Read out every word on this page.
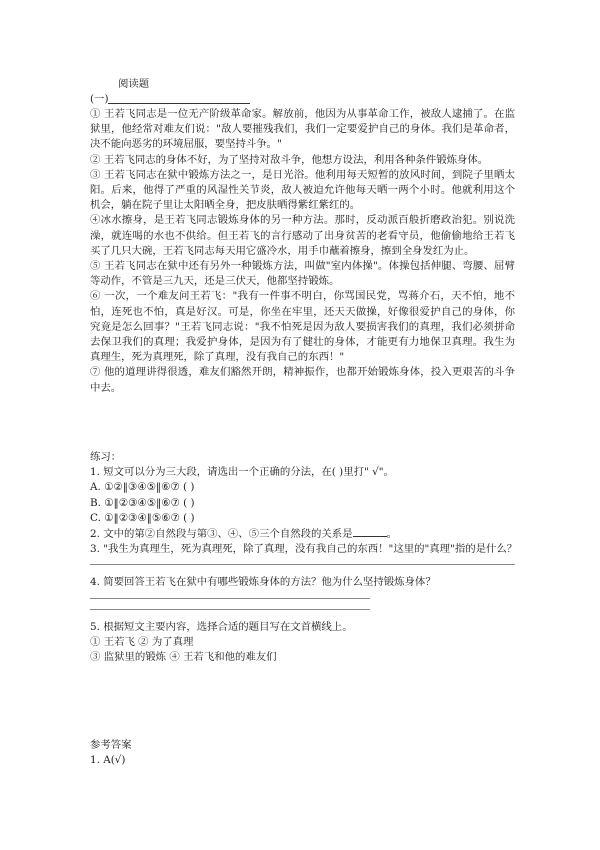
阅读题
(一)

① 王若飞同志是一位无产阶级革命家。解放前，他因为从事革命工作，被敌人逮捕了。在监狱里，他经常对难友们说："敌人要摧残我们，我们一定要爱护自己的身体。我们是革命者，决不能向恶劣的环境屈服，要坚持斗争。"

② 王若飞同志的身体不好，为了坚持对敌斗争，他想方设法，利用各种条件锻炼身体。

③ 王若飞同志在狱中锻炼方法之一，是日光浴。他利用每天短暂的放风时间，到院子里晒太阳。后来，他得了严重的风湿性关节炎，敌人被迫允许他每天晒一两个小时。他就利用这个机会，躺在院子里让太阳晒全身，把皮肤晒得紫红紫红的。

④冰水擦身，是王若飞同志锻炼身体的另一种方法。那时，反动派百般折磨政治犯。别说洗澡，就连喝的水也不供给。但王若飞的言行感动了出身贫苦的老看守员，他偷偷地给王若飞买了几只大碗，王若飞同志每天用它盛冷水，用手巾蘸着擦身，擦到全身发红为止。

⑤ 王若飞同志在狱中还有另外一种锻炼方法，叫做"室内体操"。体操包括伸腿、弯腰、屈臂等动作，不管是三九天，还是三伏天，他都坚持锻炼。

⑥ 一次，一个难友问王若飞："我有一件事不明白，你骂国民党，骂蒋介石，天不怕，地不怕，连死也不怕，真是好汉。可是，你坐在牢里，还天天做操，好像很爱护自己的身体，你究竟是怎么回事？"王若飞同志说："我不怕死是因为敌人要损害我们的真理，我们必须拼命去保卫我们的真理；我爱护身体，是因为有了健壮的身体，才能更有力地保卫真理。我生为真理生，死为真理死，除了真理，没有我自己的东西！"

⑦ 他的道理讲得很透，难友们豁然开朗，精神振作，也都开始锻炼身体，投入更艰苦的斗争中去。

练习：

1. 短文可以分为三大段，请选出一个正确的分法，在( )里打" √"。

A. ①②‖③④⑤‖⑥⑦ ( )

B. ①‖②③④⑤‖⑥⑦ ( )

C. ①‖②③④‖⑤⑥⑦ ( )

2. 文中的第②自然段与第③、④、⑤三个自然段的关系是	。

3. "我生为真理生，死为真理死，除了真理，没有我自己的东西！"这里的"真理"指的是什么？

4. 简要回答王若飞在狱中有哪些锻炼身体的方法？他为什么坚持锻炼身体？

5. 根据短文主要内容，选择合适的题目写在文首横线上。

① 王若飞 ② 为了真理

③ 监狱里的锻炼 ④ 王若飞和他的难友们

参考答案

1. A(√)
